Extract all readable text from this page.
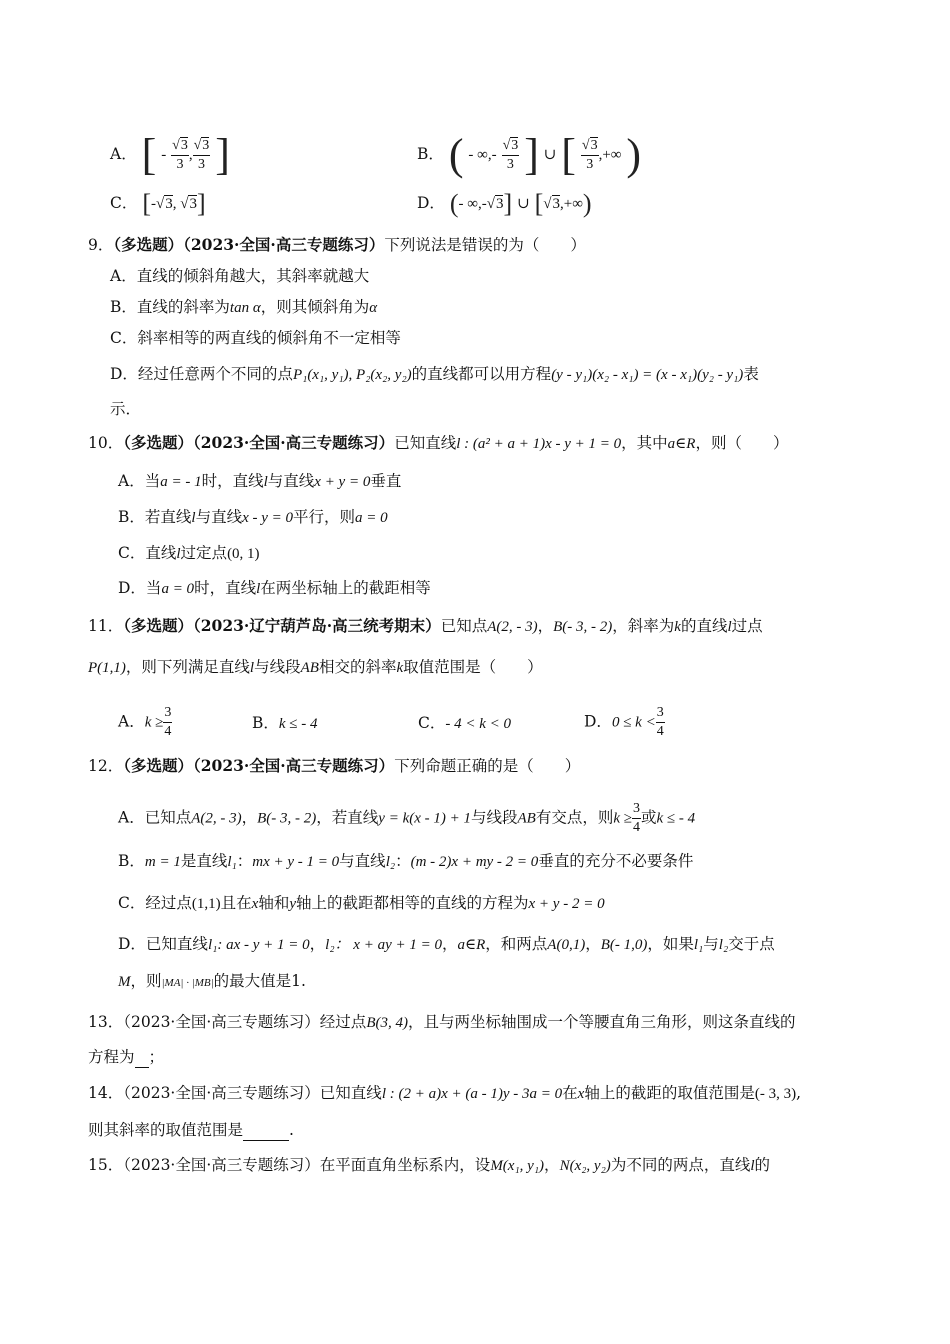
A． [ - $\frac{√3}{3}$ , $\frac{√3}{3}$ ]	B． ( - ∞,- $\frac{√3}{3}$ ] ∪ [ $\frac{√3}{3}$ ,+∞ )
C． [-√3, √3]	D． (- ∞,-√3] ∪ [√3,+∞)
9．（多选题）（2023·全国·高三专题练习）下列说法是错误的为（　　）
A．直线的倾斜角越大，其斜率就越大
B．直线的斜率为tan α，则其倾斜角为α
C．斜率相等的两直线的倾斜角不一定相等
D．经过任意两个不同的点P₁(x₁, y₁), P₂(x₂, y₂)的直线都可以用方程(y - y₁)(x₂ - x₁) = (x - x₁)(y₂ - y₁)表
示．
10．（多选题）（2023·全国·高三专题练习）已知直线l : (a² + a + 1)x - y + 1 = 0，其中a∈R，则（　　）
A．当a = - 1时，直线l与直线x + y = 0垂直
B．若直线l与直线x - y = 0平行，则a = 0
C．直线l过定点(0, 1)
D．当a = 0时，直线l在两坐标轴上的截距相等
11．（多选题）（2023·辽宁葫芦岛·高三统考期末）已知点A(2, - 3)，B(- 3, - 2)，斜率为k的直线l过点
P(1,1)，则下列满足直线l与线段AB相交的斜率k取值范围是（　　）
A．$k \ge \frac{3}{4}$	B．k ≤ - 4	C．- 4 < k < 0	D．$0 \le k < \frac{3}{4}$
12．（多选题）（2023·全国·高三专题练习）下列命题正确的是（　　）
A．已知点A(2, - 3)，B(- 3, - 2)，若直线y = k(x - 1) + 1与线段AB有交点，则$k \ge \frac{3}{4}$ 或k ≤ - 4
B．m = 1是直线l₁：mx + y - 1 = 0与直线l₂：(m - 2)x + my - 2 = 0垂直的充分不必要条件
C．经过点(1,1)且在x轴和y轴上的截距都相等的直线的方程为x + y - 2 = 0
D．已知直线l₁: ax - y + 1 = 0，l₂： x + ay + 1 = 0，a∈R，和两点A(0,1)，B(- 1,0)，如果l₁与l₂交于点
M，则|MA| · |MB|的最大值是1.
13．（2023·全国·高三专题练习）经过点B(3, 4)，且与两坐标轴围成一个等腰直角三角形，则这条直线的
方程为 ；
14．（2023·全国·高三专题练习）已知直线l : (2 + a)x + (a - 1)y - 3a = 0在x轴上的截距的取值范围是(- 3, 3),
则其斜率的取值范围是	.
15．（2023·全国·高三专题练习）在平面直角坐标系内，设M(x₁, y₁)，N(x₂, y₂)为不同的两点，直线l的
